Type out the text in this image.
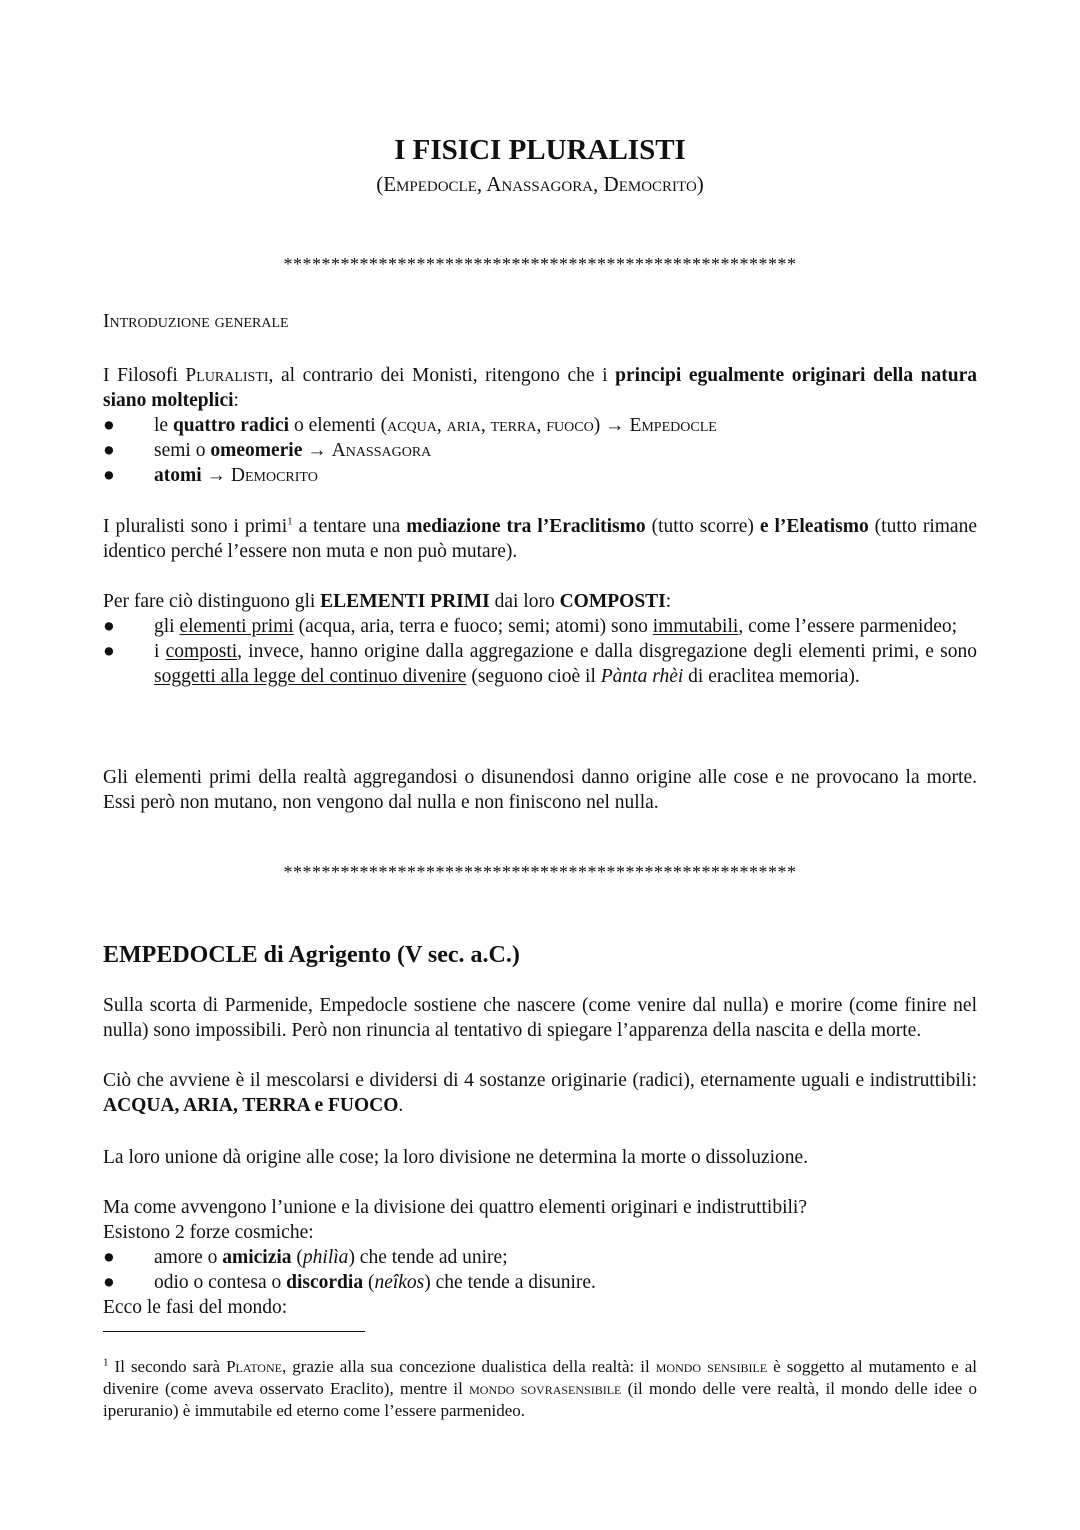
I FISICI PLURALISTI
(Empedocle, Anassagora, Democrito)
******************************************************
Introduzione generale
I Filosofi Pluralisti, al contrario dei Monisti, ritengono che i principi egualmente originari della natura siano molteplici:
●	le quattro radici o elementi (acqua, aria, terra, fuoco) → Empedocle
●	semi o omeomerie → Anassagora
●	atomi → Democrito
I pluralisti sono i primi$^1$ a tentare una mediazione tra l’Eraclitismo (tutto scorre) e l’Eleatismo (tutto rimane identico perché l’essere non muta e non può mutare).
Per fare ciò distinguono gli ELEMENTI PRIMI dai loro COMPOSTI:
●	gli elementi primi (acqua, aria, terra e fuoco; semi; atomi) sono immutabili, come l’essere parmenideo;
●	i composti, invece, hanno origine dalla aggregazione e dalla disgregazione degli elementi primi, e sono soggetti alla legge del continuo divenire (seguono cioè il Pànta rhèi di eraclitea memoria).
Gli elementi primi della realtà aggregandosi o disunendosi danno origine alle cose e ne provocano la morte. Essi però non mutano, non vengono dal nulla e non finiscono nel nulla.
******************************************************
EMPEDOCLE di Agrigento (V sec. a.C.)
Sulla scorta di Parmenide, Empedocle sostiene che nascere (come venire dal nulla) e morire (come finire nel nulla) sono impossibili. Però non rinuncia al tentativo di spiegare l’apparenza della nascita e della morte.
Ciò che avviene è il mescolarsi e dividersi di 4 sostanze originarie (radici), eternamente uguali e indistruttibili: ACQUA, ARIA, TERRA e FUOCO.
La loro unione dà origine alle cose; la loro divisione ne determina la morte o dissoluzione.
Ma come avvengono l’unione e la divisione dei quattro elementi originari e indistruttibili?
Esistono 2 forze cosmiche:
●	amore o amicizia (philìa) che tende ad unire;
●	odio o contesa o discordia (neîkos) che tende a disunire.
Ecco le fasi del mondo:
$^1$ Il secondo sarà Platone, grazie alla sua concezione dualistica della realtà: il mondo sensibile è soggetto al mutamento e al divenire (come aveva osservato Eraclito), mentre il mondo sovrasensibile (il mondo delle vere realtà, il mondo delle idee o iperuranio) è immutabile ed eterno come l’essere parmenideo.
